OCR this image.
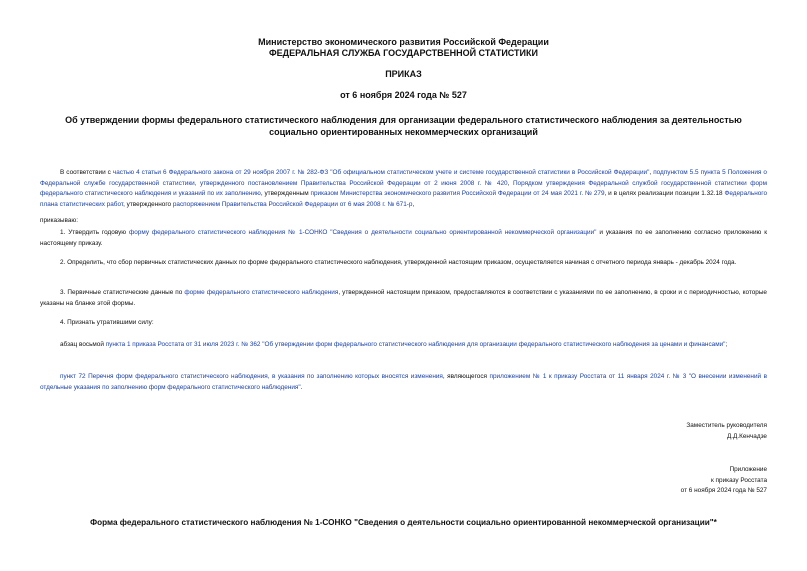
Министерство экономического развития Российской Федерации
ФЕДЕРАЛЬНАЯ СЛУЖБА ГОСУДАРСТВЕННОЙ СТАТИСТИКИ
ПРИКАЗ
от 6 ноября 2024 года № 527
Об утверждении формы федерального статистического наблюдения для организации федерального статистического наблюдения за деятельностью социально ориентированных некоммерческих организаций
В соответствии с частью 4 статьи 6 Федерального закона от 29 ноября 2007 г. № 282-ФЗ "Об официальном статистическом учете и системе государственной статистики в Российской Федерации", подпунктом 5.5 пункта 5 Положения о Федеральной службе государственной статистики, утвержденного постановлением Правительства Российской Федерации от 2 июня 2008 г. № 420, Порядком утверждения Федеральной службой государственной статистики форм федерального статистического наблюдения и указаний по их заполнению, утвержденным приказом Министерства экономического развития Российской Федерации от 24 мая 2021 г. № 279, и в целях реализации позиции 1.32.18 Федерального плана статистических работ, утвержденного распоряжением Правительства Российской Федерации от 6 мая 2008 г. № 671-р,
приказываю:
1. Утвердить годовую форму федерального статистического наблюдения № 1-СОНКО "Сведения о деятельности социально ориентированной некоммерческой организации" и указания по ее заполнению согласно приложению к настоящему приказу.
2. Определить, что сбор первичных статистических данных по форме федерального статистического наблюдения, утвержденной настоящим приказом, осуществляется начиная с отчетного периода январь - декабрь 2024 года.
3. Первичные статистические данные по форме федерального статистического наблюдения, утвержденной настоящим приказом, предоставляются в соответствии с указаниями по ее заполнению, в сроки и с периодичностью, которые указаны на бланке этой формы.
4. Признать утратившими силу:
абзац восьмой пункта 1 приказа Росстата от 31 июля 2023 г. № 362 "Об утверждении форм федерального статистического наблюдения для организации федерального статистического наблюдения за ценами и финансами";
пункт 72 Перечня форм федерального статистического наблюдения, в указания по заполнению которых вносятся изменения, являющегося приложением № 1 к приказу Росстата от 11 января 2024 г. № 3 "О внесении изменений в отдельные указания по заполнению форм федерального статистического наблюдения".
Заместитель руководителя
Д.Д.Кенчадзе
Приложение
к приказу Росстата
от 6 ноября 2024 года № 527
Форма федерального статистического наблюдения № 1-СОНКО "Сведения о деятельности социально ориентированной некоммерческой организации"*
